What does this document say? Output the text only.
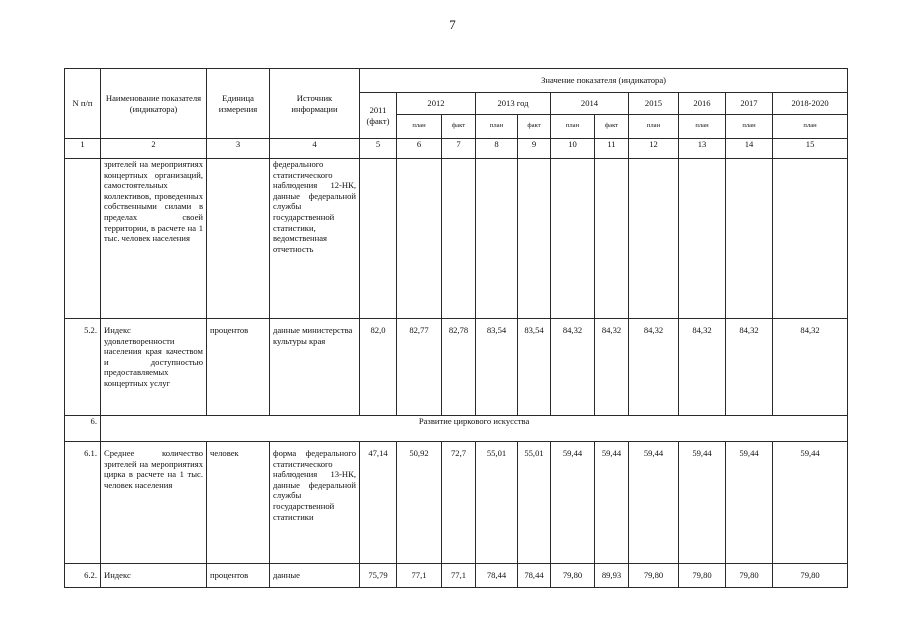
7
N п/п	Наименование показателя (индикатора)	Единица измерения	Источник информации	Значение показателя (индикатора)										
				2011 (факт)	2012		2013 год		2014		2015	2016	2017	2018-2020
					план	факт	план	факт	план	факт	план	план	план	план
1	2	3	4	5	6	7	8	9	10	11	12	13	14	15
	зрителей на мероприятиях концертных организаций, самостоятельных коллективов, проведенных собственными силами в пределах своей территории, в расчете на 1 тыс. человек населения		федерального статистического наблюдения 12-НК, данные федеральной службы государственной статистики, ведомственная отчетность											
5.2.	Индекс удовлетворенности населения края качеством и доступностью предоставляемых концертных услуг	процентов	данные министерства культуры края	82,0	82,77	82,78	83,54	83,54	84,32	84,32	84,32	84,32	84,32	84,32
6.	Развитие циркового искусства													
6.1.	Среднее количество зрителей на мероприятиях цирка в расчете на 1 тыс. человек населения	человек	форма федерального статистического наблюдения 13-НК, данные федеральной службы государственной статистики	47,14	50,92	72,7	55,01	55,01	59,44	59,44	59,44	59,44	59,44	59,44
6.2.	Индекс	процентов	данные	75,79	77,1	77,1	78,44	78,44	79,80	89,93	79,80	79,80	79,80	79,80
